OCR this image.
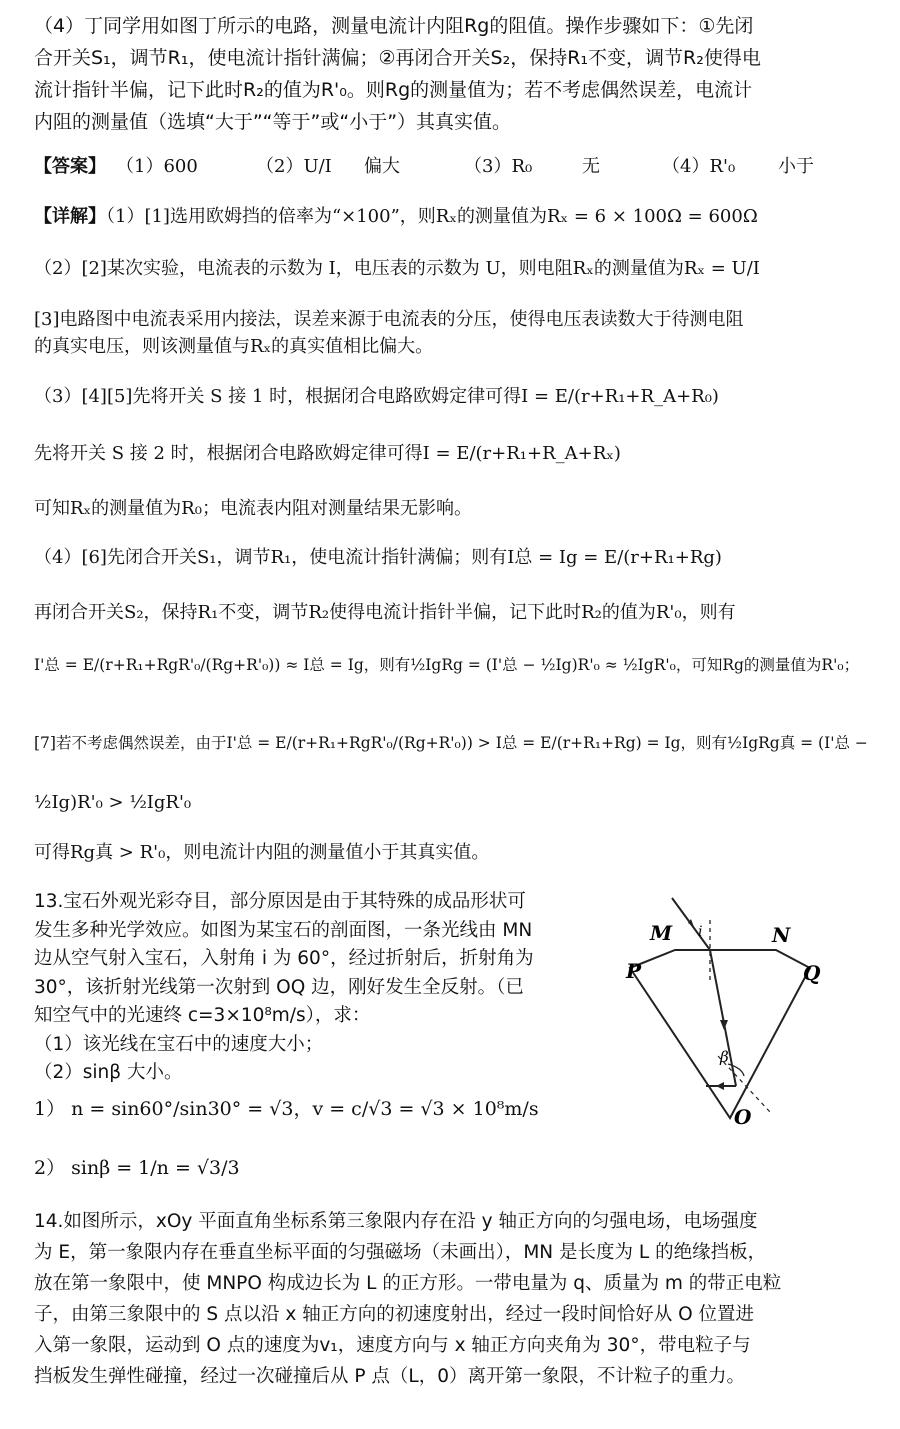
（4）丁同学用如图丁所示的电路，测量电流计内阻Rg的阻值。操作步骤如下：①先闭
合开关S₁，调节R₁，使电流计指针满偏；②再闭合开关S₂，保持R₁不变，调节R₂使得电
流计指针半偏，记下此时R₂的值为R'₀。则Rg的测量值为；若不考虑偶然误差，电流计
内阻的测量值（选填“大于”“等于”或“小于”）其真实值。
【答案】 （1）600	（2）U/I 偏大	（3）R₀	无	（4）R'₀ 小于
【详解】（1）[1]选用欧姆挡的倍率为“×100”，则Rₓ的测量值为Rₓ = 6 × 100Ω = 600Ω
（2）[2]某次实验，电流表的示数为 I，电压表的示数为 U，则电阻Rₓ的测量值为Rₓ = U/I
[3]电路图中电流表采用内接法，误差来源于电流表的分压，使得电压表读数大于待测电阻
的真实电压，则该测量值与Rₓ的真实值相比偏大。
（3）[4][5]先将开关 S 接 1 时，根据闭合电路欧姆定律可得I = E/(r+R₁+R_A+R₀)
先将开关 S 接 2 时，根据闭合电路欧姆定律可得I = E/(r+R₁+R_A+Rₓ)
可知Rₓ的测量值为R₀；电流表内阻对测量结果无影响。
（4）[6]先闭合开关S₁，调节R₁，使电流计指针满偏；则有I总 = Ig = E/(r+R₁+Rg)
再闭合开关S₂，保持R₁不变，调节R₂使得电流计指针半偏，记下此时R₂的值为R'₀，则有
I'总 = E/(r+R₁+RgR'₀/(Rg+R'₀)) ≈ I总 = Ig，则有½IgRg = (I'总 − ½Ig)R'₀ ≈ ½IgR'₀，可知Rg的测量值为R'₀；
[7]若不考虑偶然误差，由于I'总 = E/(r+R₁+RgR'₀/(Rg+R'₀)) > I总 = E/(r+R₁+Rg) = Ig，则有½IgRg真 = (I'总 −
½Ig)R'₀ > ½IgR'₀
可得Rg真 > R'₀，则电流计内阻的测量值小于其真实值。
13.宝石外观光彩夺目，部分原因是由于其特殊的成品形状可
发生多种光学效应。如图为某宝石的剖面图，一条光线由 MN
边从空气射入宝石，入射角 i 为 60°，经过折射后，折射角为
30°，该折射光线第一次射到 OQ 边，刚好发生全反射。（已
知空气中的光速终 c=3×10⁸m/s），求：
（1）该光线在宝石中的速度大小；
（2）sinβ 大小。
1） n = sin60°/sin30° = √3，v = c/√3 = √3 × 10⁸m/s
2） sinβ = 1/n = √3/3
M i	N
P	Q
β
O
14.如图所示，xOy 平面直角坐标系第三象限内存在沿 y 轴正方向的匀强电场，电场强度
为 E，第一象限内存在垂直坐标平面的匀强磁场（未画出），MN 是长度为 L 的绝缘挡板，
放在第一象限中，使 MNPO 构成边长为 L 的正方形。一带电量为 q、质量为 m 的带正电粒
子，由第三象限中的 S 点以沿 x 轴正方向的初速度射出，经过一段时间恰好从 O 位置进
入第一象限，运动到 O 点的速度为v₁，速度方向与 x 轴正方向夹角为 30°，带电粒子与
挡板发生弹性碰撞，经过一次碰撞后从 P 点（L，0）离开第一象限，不计粒子的重力。
